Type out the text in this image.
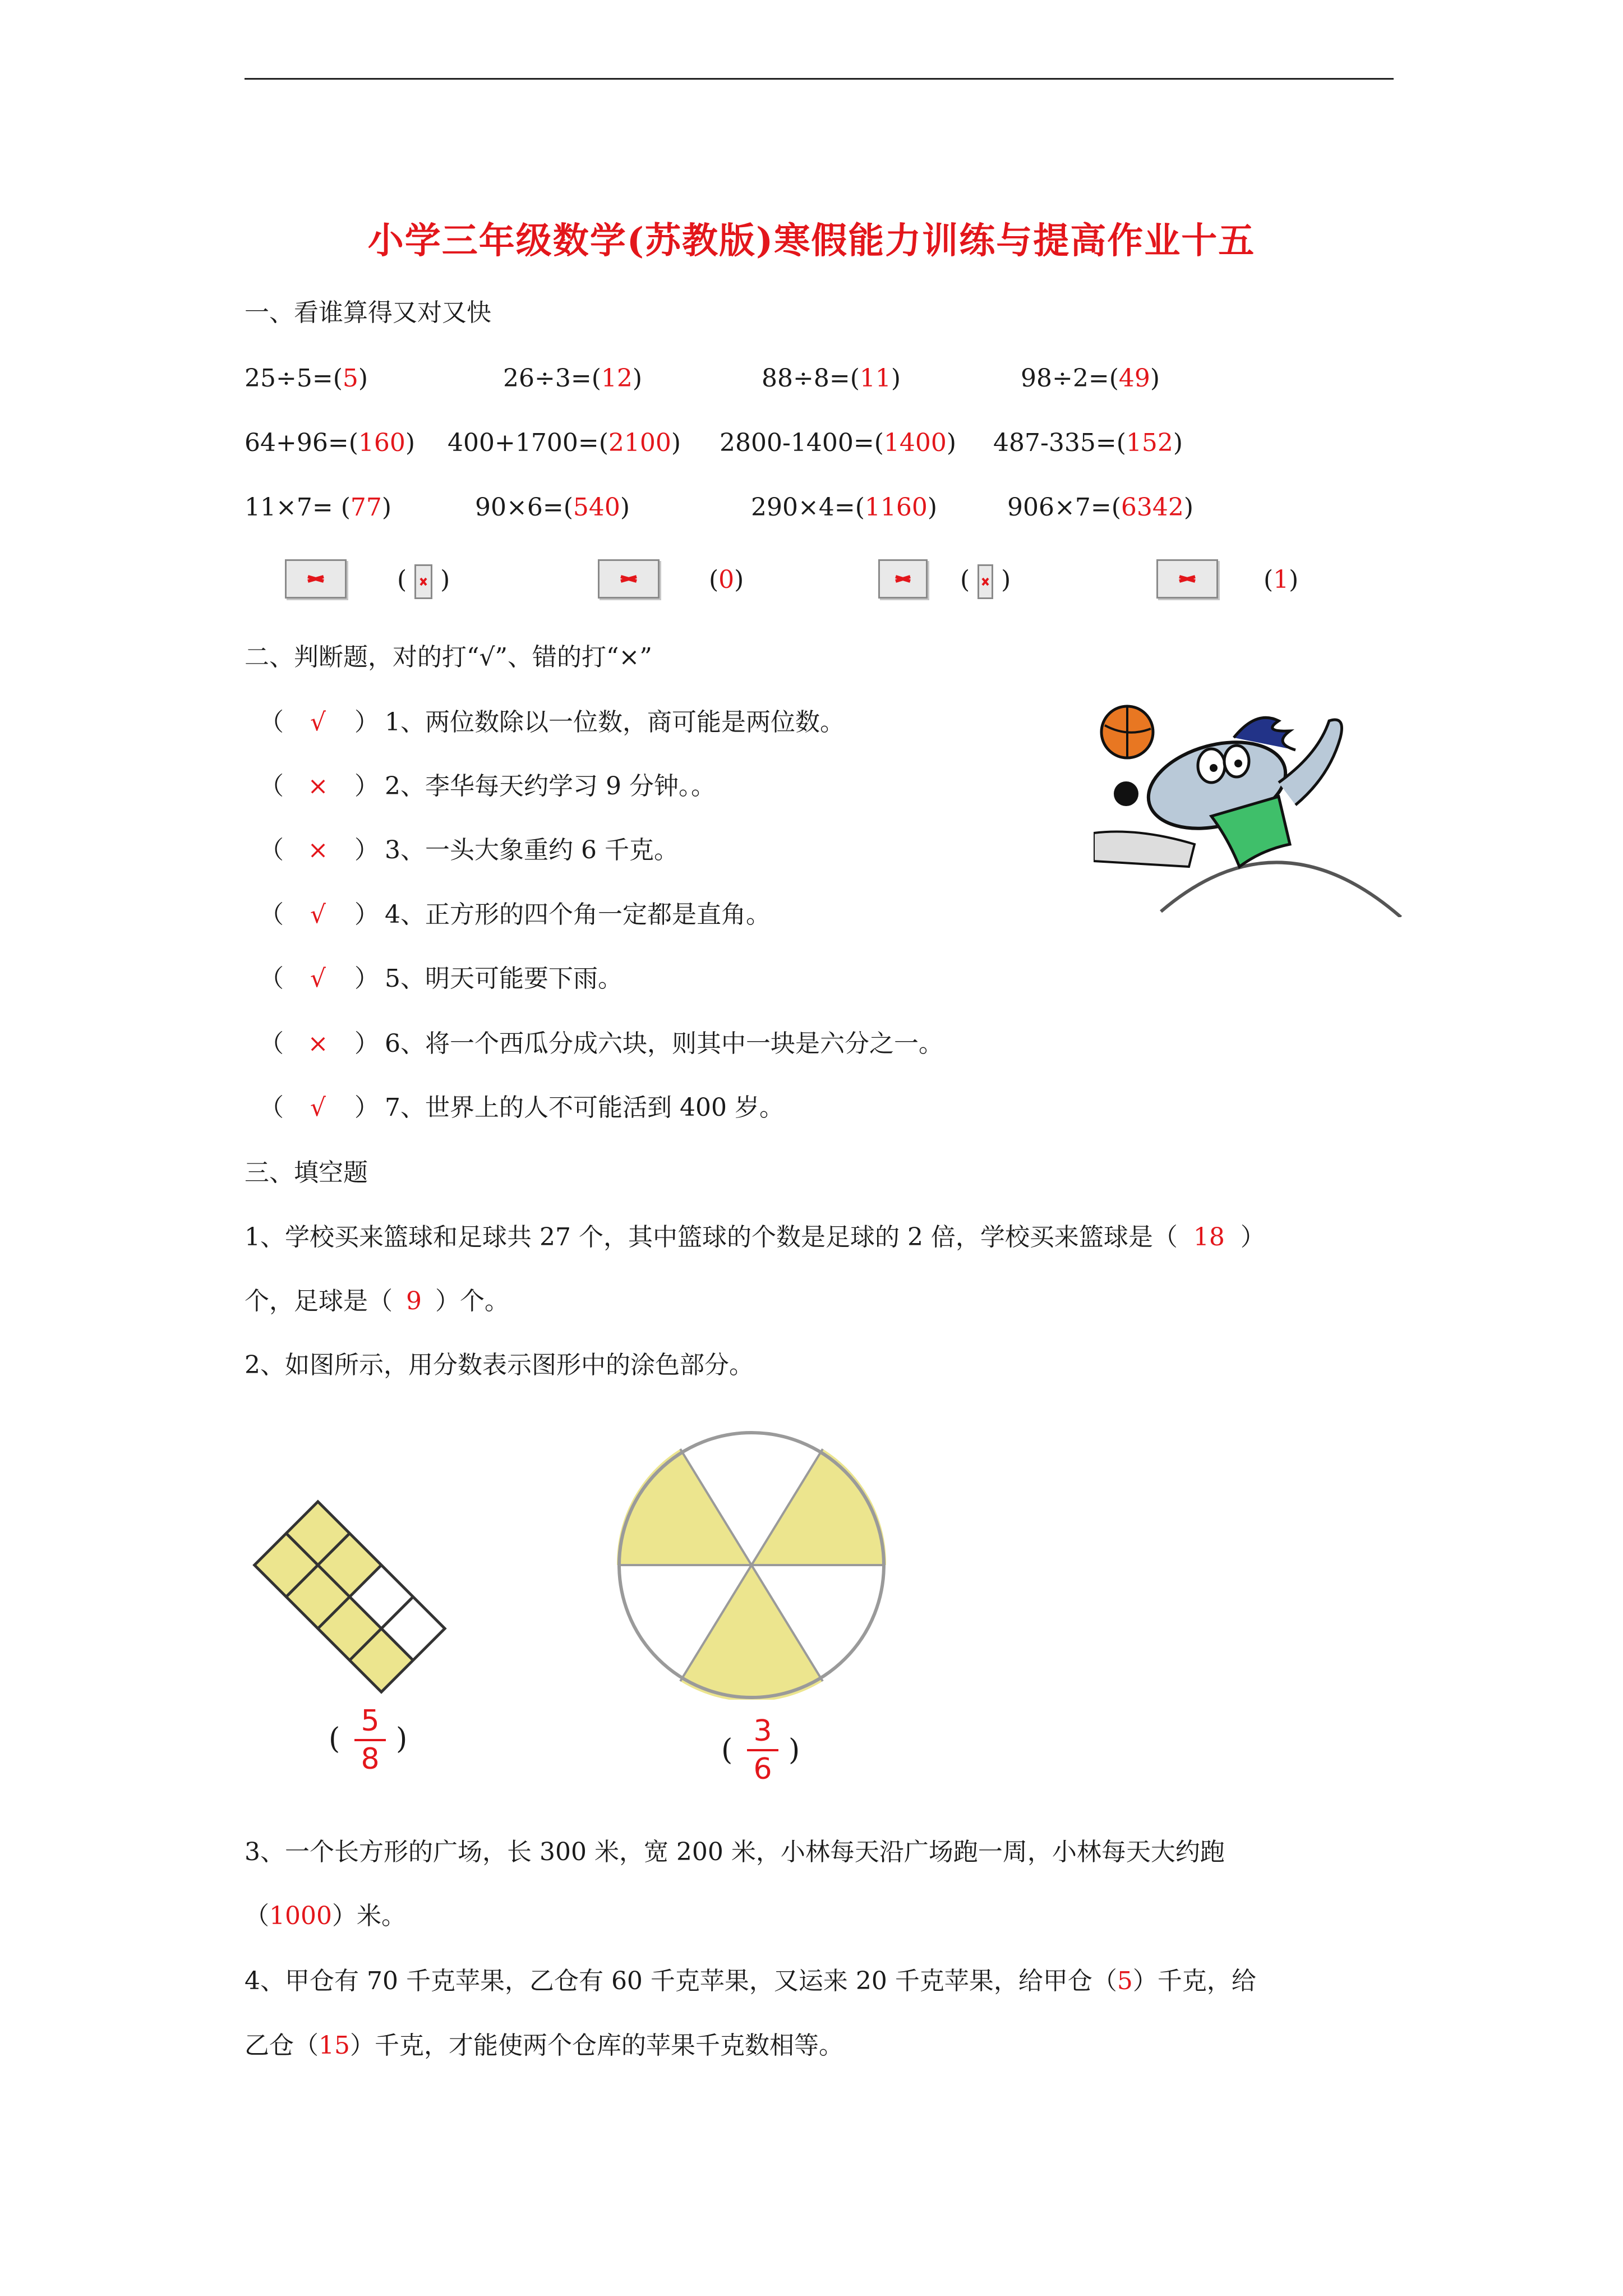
小学三年级数学(苏教版)寒假能力训练与提高作业十五
一、看谁算得又对又快
25÷5=(5)	26÷3=(12)	88÷8=(11)	98÷2=(49)
64+96=(160) 400+1700=(2100) 2800-1400=(1400) 487-335=(152)
11×7= (77)	90×6=(540)	290×4=(1160)	906×7=(6342)
( )	(0)	( )	(1)
二、判断题，对的打“√”、错的打“×”
（ √ ） 1、两位数除以一位数，商可能是两位数。
（ × ） 2、李华每天约学习 9 分钟。。
（ × ） 3、一头大象重约 6 千克。
（ √ ） 4、正方形的四个角一定都是直角。
（ √ ） 5、明天可能要下雨。
（ × ） 6、将一个西瓜分成六块，则其中一块是六分之一。
（ √ ） 7、世界上的人不可能活到 400 岁。
三、填空题
1、学校买来篮球和足球共 27 个，其中篮球的个数是足球的 2 倍，学校买来篮球是（ 18 ）
个，足球是（ 9 ）个。
2、如图所示，用分数表示图形中的涂色部分。
(
5
8
)	(
3
6
)
3、一个长方形的广场，长 300 米，宽 200 米，小林每天沿广场跑一周，小林每天大约跑
（1000）米。
4、甲仓有 70 千克苹果，乙仓有 60 千克苹果，又运来 20 千克苹果，给甲仓（5）千克，给
乙仓（15）千克，才能使两个仓库的苹果千克数相等。
